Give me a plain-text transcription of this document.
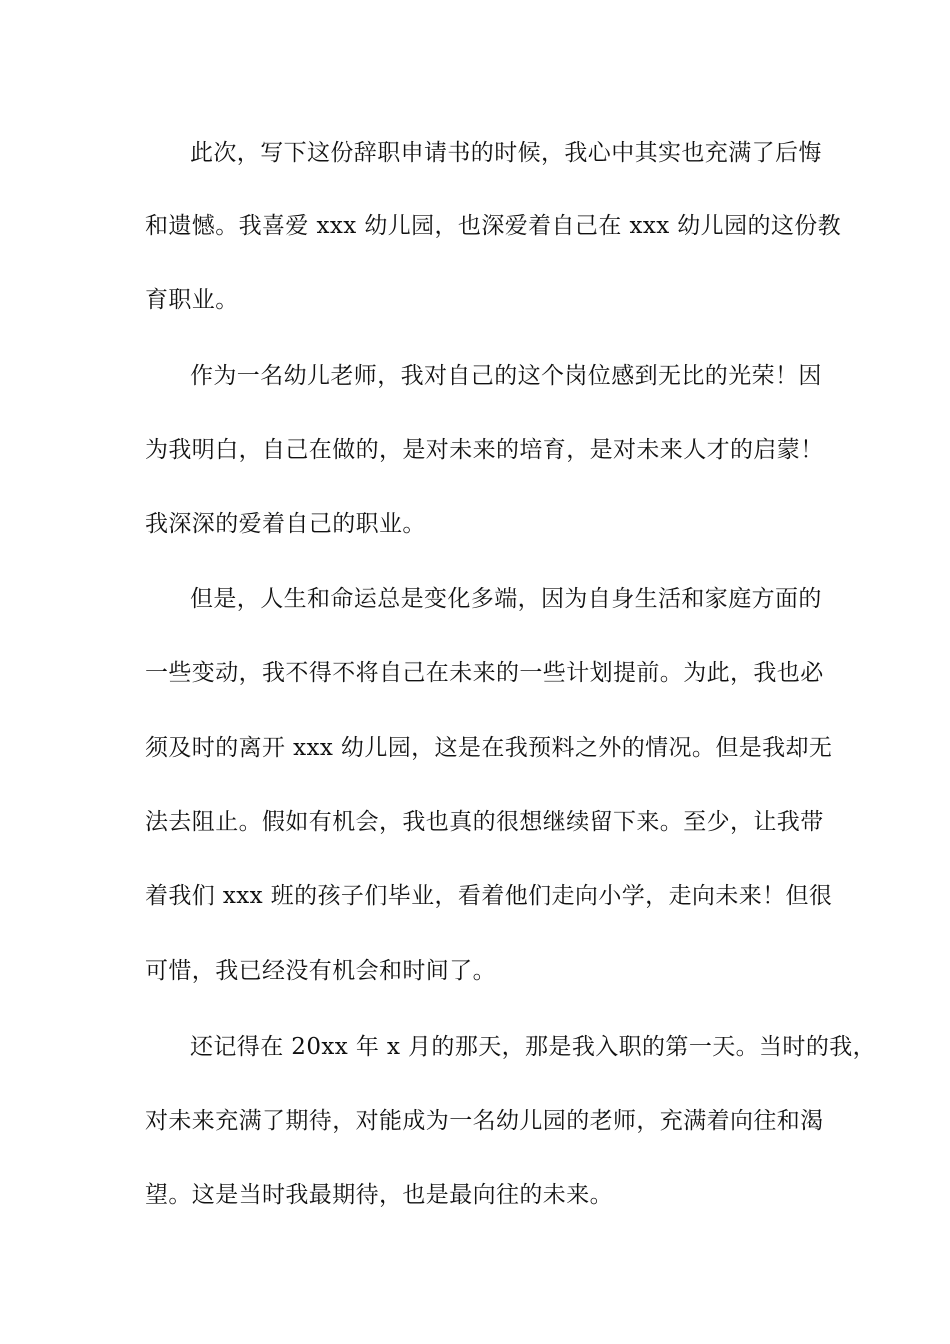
此次，写下这份辞职申请书的时候，我心中其实也充满了后悔
和遗憾。我喜爱 xxx 幼儿园，也深爱着自己在 xxx 幼儿园的这份教
育职业。
作为一名幼儿老师，我对自己的这个岗位感到无比的光荣！因
为我明白，自己在做的，是对未来的培育，是对未来人才的启蒙！
我深深的爱着自己的职业。
但是，人生和命运总是变化多端，因为自身生活和家庭方面的
一些变动，我不得不将自己在未来的一些计划提前。为此，我也必
须及时的离开 xxx 幼儿园，这是在我预料之外的情况。但是我却无
法去阻止。假如有机会，我也真的很想继续留下来。至少，让我带
着我们 xxx 班的孩子们毕业，看着他们走向小学，走向未来！但很
可惜，我已经没有机会和时间了。
还记得在 20xx 年 x 月的那天，那是我入职的第一天。当时的我，
对未来充满了期待，对能成为一名幼儿园的老师，充满着向往和渴
望。这是当时我最期待，也是最向往的未来。
